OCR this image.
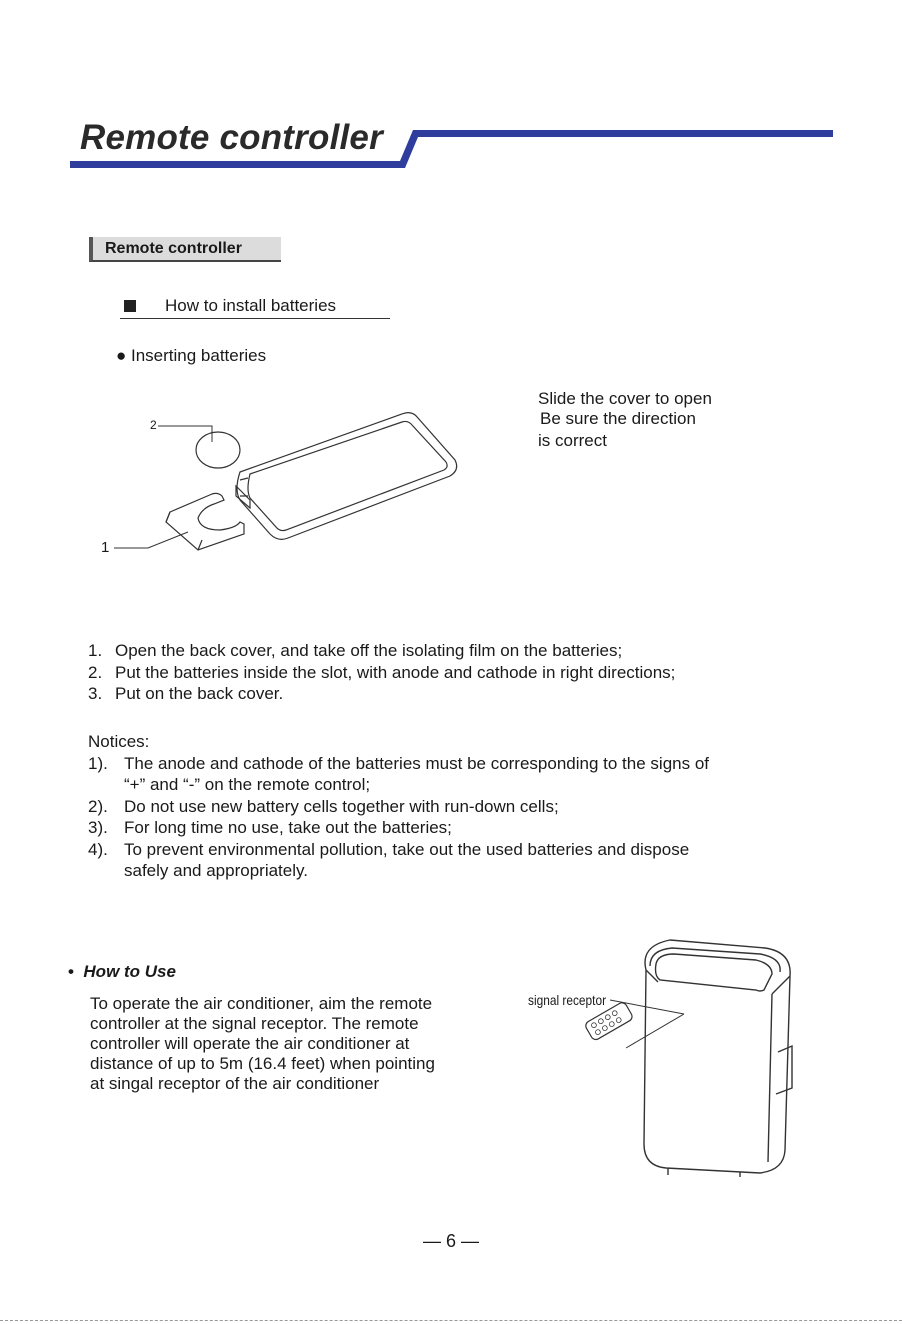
Remote controller
Remote controller
How to install batteries
● Inserting batteries
2
1
Slide the cover to open
Be sure the direction
is correct
1. Open the back cover, and take off the isolating film on the batteries;
2. Put the batteries inside the slot, with anode and cathode in right directions;
3. Put on the back cover.
Notices:
1). The anode and cathode of the batteries must be corresponding to the signs of
“+” and “-” on the remote control;
2). Do not use new battery cells together with run-down cells;
3). For long time no use, take out the batteries;
4). To prevent environmental pollution, take out the used batteries and dispose
safely and appropriately.
•  How to Use
To operate the air conditioner, aim the remote
controller at the signal receptor. The remote
controller will operate the air conditioner at
distance of up to 5m (16.4 feet) when pointing
at singal receptor of the air conditioner
signal receptor
— 6 —
